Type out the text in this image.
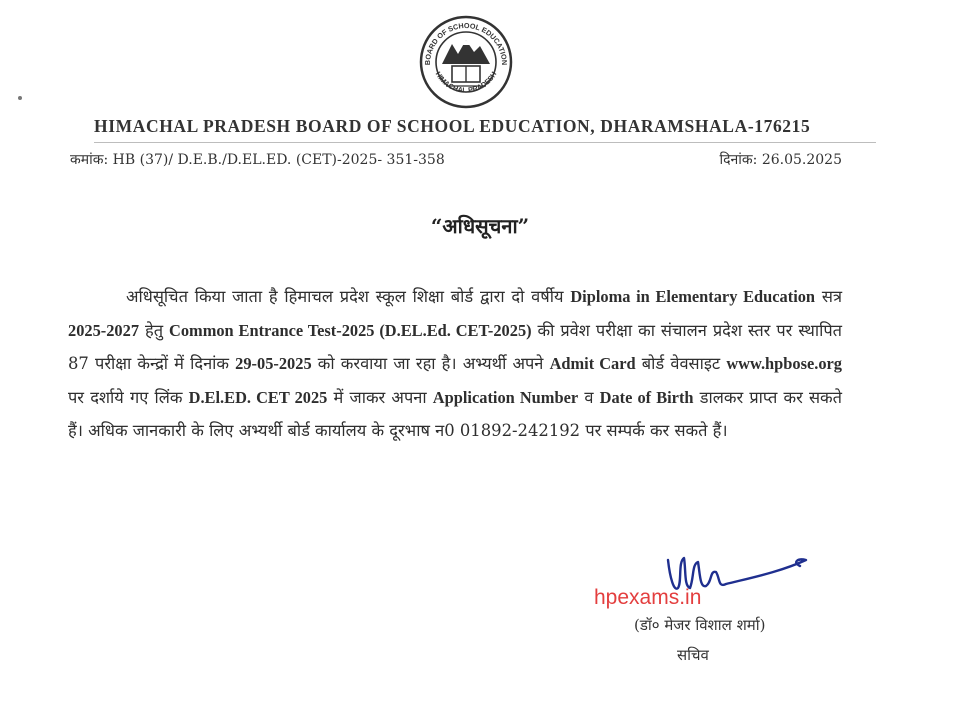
BOARD OF SCHOOL EDUCATION
HIMACHAL PRADESH
HIMACHAL PRADESH BOARD OF SCHOOL EDUCATION, DHARAMSHALA-176215
कमांक: HB (37)/ D.E.B./D.EL.ED. (CET)-2025- 351-358	दिनांक: 26.05.2025
“अधिसूचना”
अधिसूचित किया जाता है हिमाचल प्रदेश स्कूल शिक्षा बोर्ड द्वारा दो वर्षीय Diploma in Elementary Education सत्र 2025-2027 हेतु Common Entrance Test-2025 (D.EL.Ed. CET-2025) की प्रवेश परीक्षा का संचालन प्रदेश स्तर पर स्थापित 87 परीक्षा केन्द्रों में दिनांक 29-05-2025 को करवाया जा रहा है। अभ्यर्थी अपने Admit Card बोर्ड वेवसाइट www.hpbose.org पर दर्शाये गए लिंक D.El.ED. CET 2025 में जाकर अपना Application Number व Date of Birth डालकर प्राप्त कर सकते हैं। अधिक जानकारी के लिए अभ्यर्थी बोर्ड कार्यालय के दूरभाष न0 01892-242192 पर सम्पर्क कर सकते हैं।
hpexams.in
(डॉ० मेजर विशाल शर्मा)
सचिव
